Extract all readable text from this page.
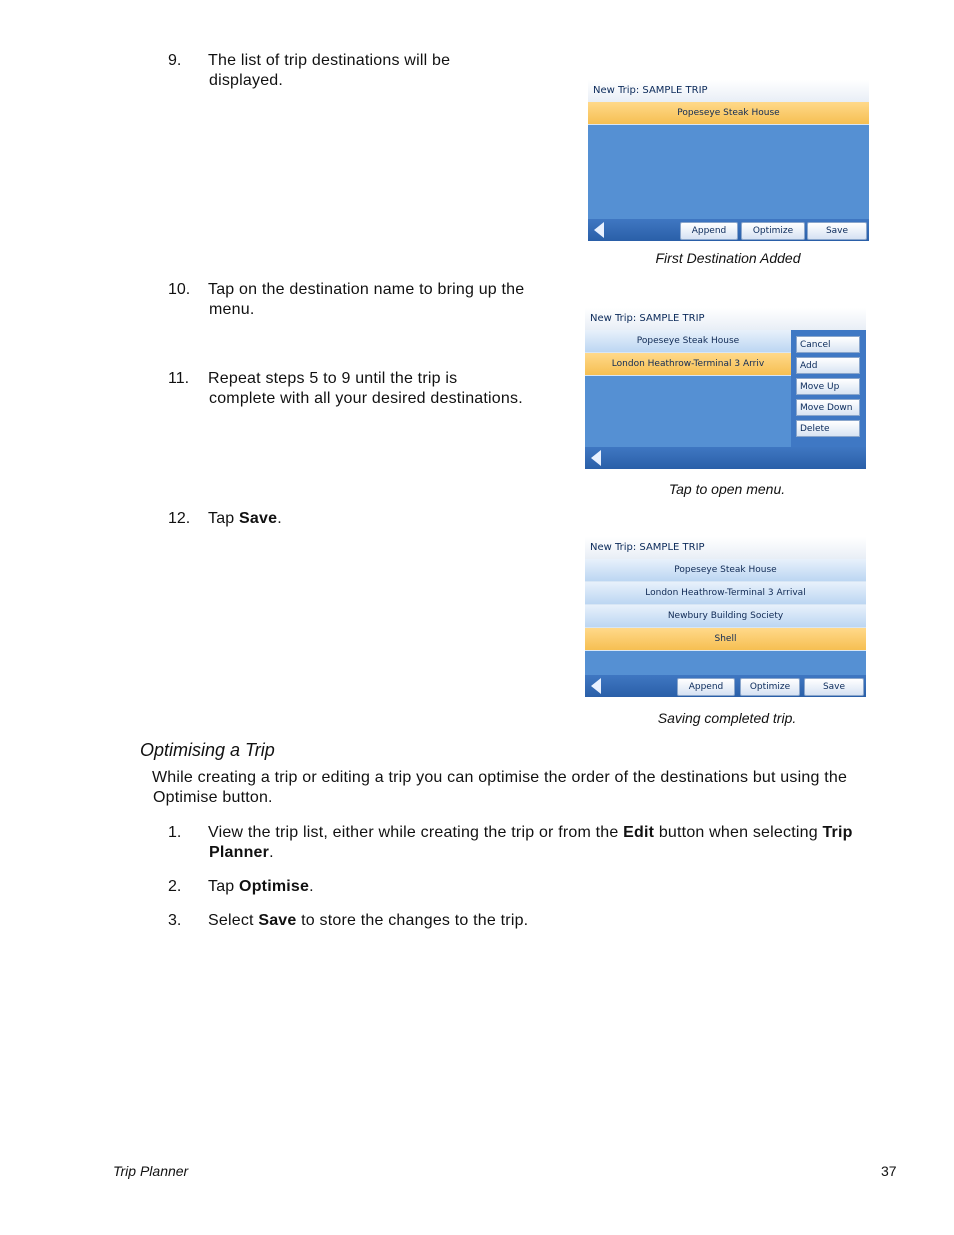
9. The list of trip destinations will be
displayed.
New Trip: SAMPLE TRIP
Popeseye Steak House
Append	Optimize	Save
First Destination Added
10. Tap on the destination name to bring up the
menu.
11. Repeat steps 5 to 9 until the trip is
complete with all your desired destinations.
New Trip: SAMPLE TRIP
Popeseye Steak House
London Heathrow-Terminal 3 Arriv
Cancel
Add
Move Up
Move Down
Delete
Tap to open menu.
12. Tap Save.
New Trip: SAMPLE TRIP
Popeseye Steak House
London Heathrow-Terminal 3 Arrival
Newbury Building Society
Shell
Append	Optimize	Save
Saving completed trip.
Optimising a Trip
While creating a trip or editing a trip you can optimise the order of the destinations but using the
Optimise button.
1. View the trip list, either while creating the trip or from the Edit button when selecting Trip
Planner.
2. Tap Optimise.
3. Select Save to store the changes to the trip.
Trip Planner	37
